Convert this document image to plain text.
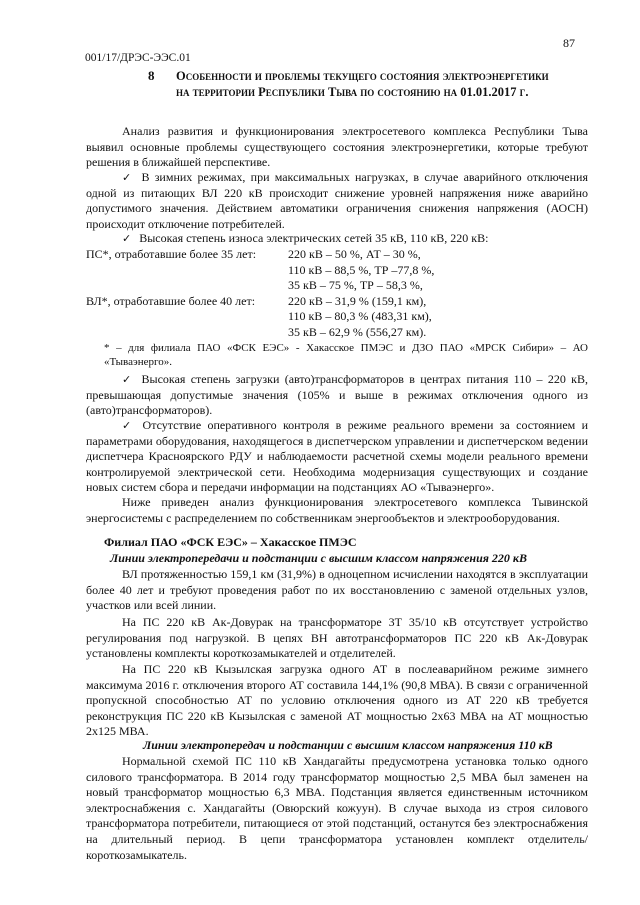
87
001/17/ДРЭС-ЭЭС.01
8 Особенности и проблемы текущего состояния электроэнергетики на территории Республики Тыва по состоянию на 01.01.2017 г.
Анализ развития и функционирования электросетевого комплекса Республики Тыва выявил основные проблемы существующего состояния электроэнергетики, которые требуют решения в ближайшей перспективе.
✓ В зимних режимах, при максимальных нагрузках, в случае аварийного отключения одной из питающих ВЛ 220 кВ происходит снижение уровней напряжения ниже аварийно допустимого значения. Действием автоматики ограничения снижения напряжения (АОСН) происходит отключение потребителей.
✓ Высокая степень износа электрических сетей 35 кВ, 110 кВ, 220 кВ:
ПС*, отработавшие более 35 лет:	220 кВ – 50 %, АТ – 30 %,
110 кВ – 88,5 %, ТР –77,8 %,
35 кВ – 75 %, ТР – 58,3 %,
ВЛ*, отработавшие более 40 лет:	220 кВ – 31,9 % (159,1 км),
110 кВ – 80,3 % (483,31 км),
35 кВ – 62,9 % (556,27 км).
* – для филиала ПАО «ФСК ЕЭС» - Хакасское ПМЭС и ДЗО ПАО «МРСК Сибири» – АО «Тываэнерго».
✓ Высокая степень загрузки (авто)трансформаторов в центрах питания 110 – 220 кВ, превышающая допустимые значения (105% и выше в режимах отключения одного из (авто)трансформаторов).
✓ Отсутствие оперативного контроля в режиме реального времени за состоянием и параметрами оборудования, находящегося в диспетчерском управлении и диспетчерском ведении диспетчера Красноярского РДУ и наблюдаемости расчетной схемы модели реального времени контролируемой электрической сети. Необходима модернизация существующих и создание новых систем сбора и передачи информации на подстанциях АО «Тываэнерго».
Ниже приведен анализ функционирования электросетевого комплекса Тывинской энергосистемы с распределением по собственникам энергообъектов и электрооборудования.
Филиал ПАО «ФСК ЕЭС» – Хакасское ПМЭС
Линии электропередачи и подстанции с высшим классом напряжения 220 кВ
ВЛ протяженностью 159,1 км (31,9%) в одноцепном исчислении находятся в эксплуатации более 40 лет и требуют проведения работ по их восстановлению с заменой отдельных узлов, участков или всей линии.
На ПС 220 кВ Ак-Довурак на трансформаторе 3Т 35/10 кВ отсутствует устройство регулирования под нагрузкой. В цепях ВН автотрансформаторов ПС 220 кВ Ак-Довурак установлены комплекты короткозамыкателей и отделителей.
На ПС 220 кВ Кызылская загрузка одного АТ в послеаварийном режиме зимнего максимума 2016 г. отключения второго АТ составила 144,1% (90,8 МВА). В связи с ограниченной пропускной способностью АТ по условию отключения одного из АТ 220 кВ требуется реконструкция ПС 220 кВ Кызылская с заменой АТ мощностью 2х63 МВА на АТ мощностью 2х125 МВА.
Линии электропередач и подстанции с высшим классом напряжения 110 кВ
Нормальной схемой ПС 110 кВ Хандагайты предусмотрена установка только одного силового трансформатора. В 2014 году трансформатор мощностью 2,5 МВА был заменен на новый трансформатор мощностью 6,3 МВА. Подстанция является единственным источником электроснабжения с. Хандагайты (Овюрский кожуун). В случае выхода из строя силового трансформатора потребители, питающиеся от этой подстанций, останутся без электроснабжения на длительный период. В цепи трансформатора установлен комплект отделитель/короткозамыкатель.
